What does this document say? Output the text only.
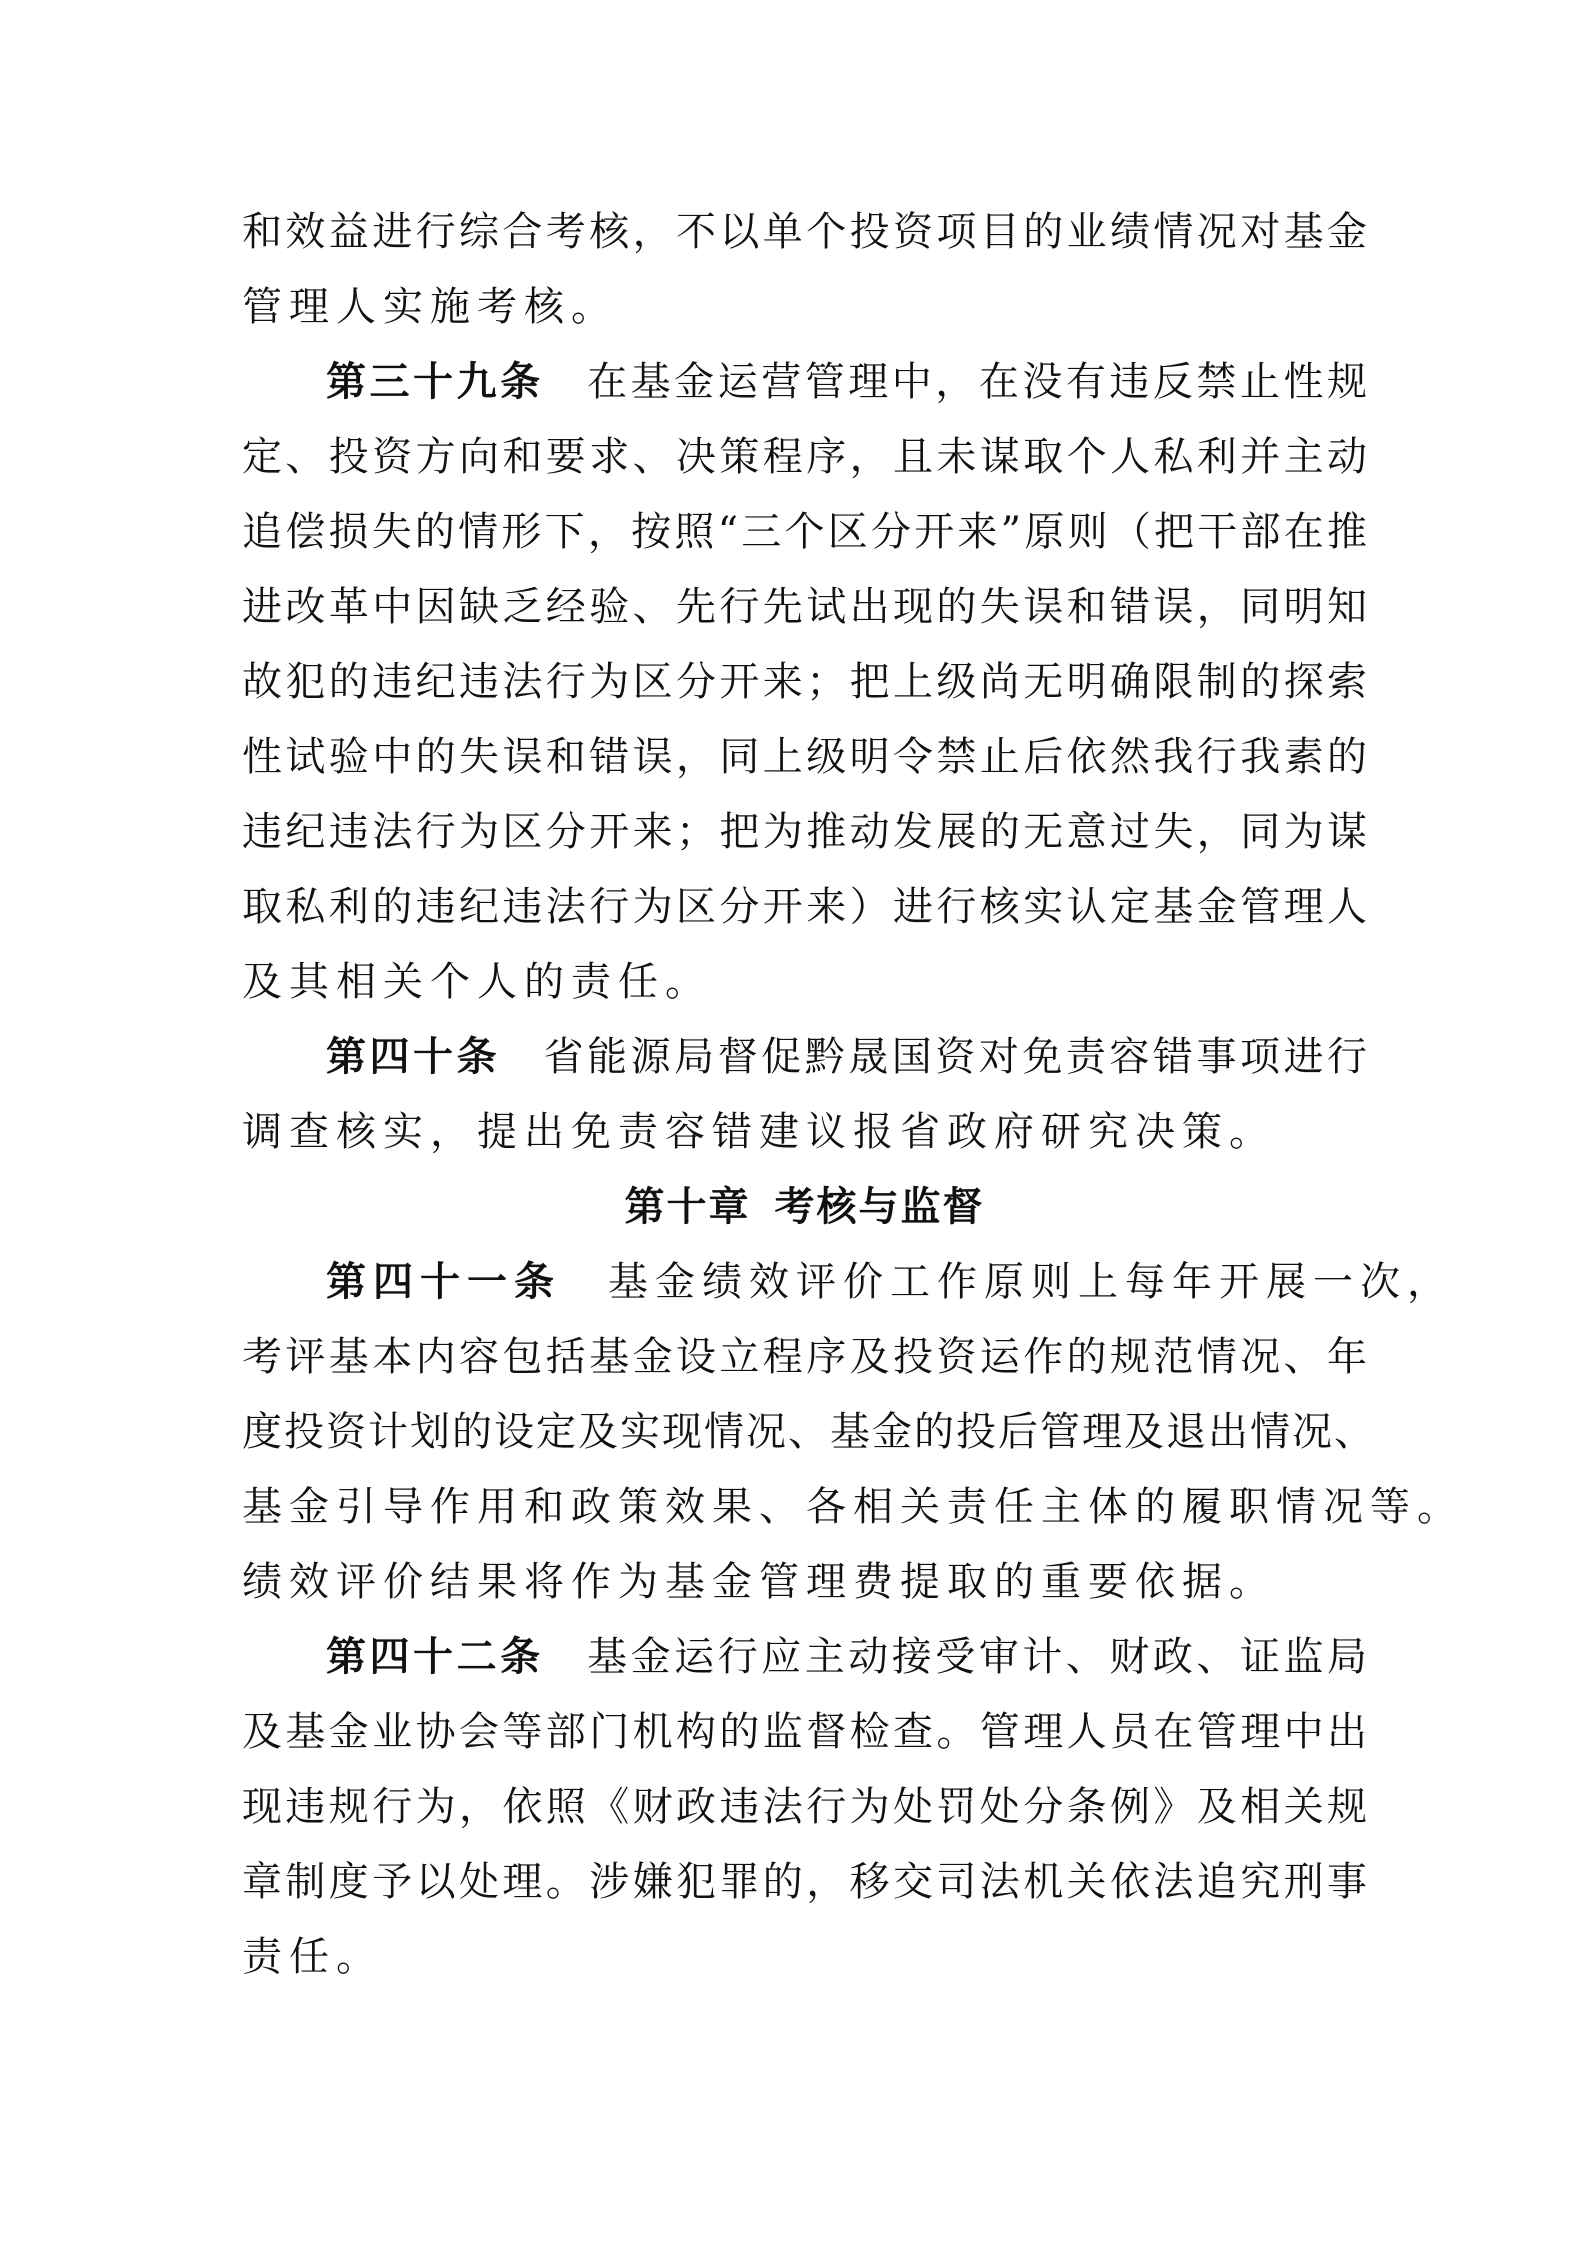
和效益进行综合考核，不以单个投资项目的业绩情况对基金
管理人实施考核。
第三十九条  在基金运营管理中，在没有违反禁止性规
定、投资方向和要求、决策程序，且未谋取个人私利并主动
追偿损失的情形下，按照“三个区分开来”原则（把干部在推
进改革中因缺乏经验、先行先试出现的失误和错误，同明知
故犯的违纪违法行为区分开来；把上级尚无明确限制的探索
性试验中的失误和错误，同上级明令禁止后依然我行我素的
违纪违法行为区分开来；把为推动发展的无意过失，同为谋
取私利的违纪违法行为区分开来）进行核实认定基金管理人
及其相关个人的责任。
第四十条  省能源局督促黔晟国资对免责容错事项进行
调查核实，提出免责容错建议报省政府研究决策。
第十章 考核与监督
第四十一条  基金绩效评价工作原则上每年开展一次，
考评基本内容包括基金设立程序及投资运作的规范情况、年
度投资计划的设定及实现情况、基金的投后管理及退出情况、
基金引导作用和政策效果、各相关责任主体的履职情况等。
绩效评价结果将作为基金管理费提取的重要依据。
第四十二条  基金运行应主动接受审计、财政、证监局
及基金业协会等部门机构的监督检查。管理人员在管理中出
现违规行为，依照《财政违法行为处罚处分条例》及相关规
章制度予以处理。涉嫌犯罪的，移交司法机关依法追究刑事
责任。
